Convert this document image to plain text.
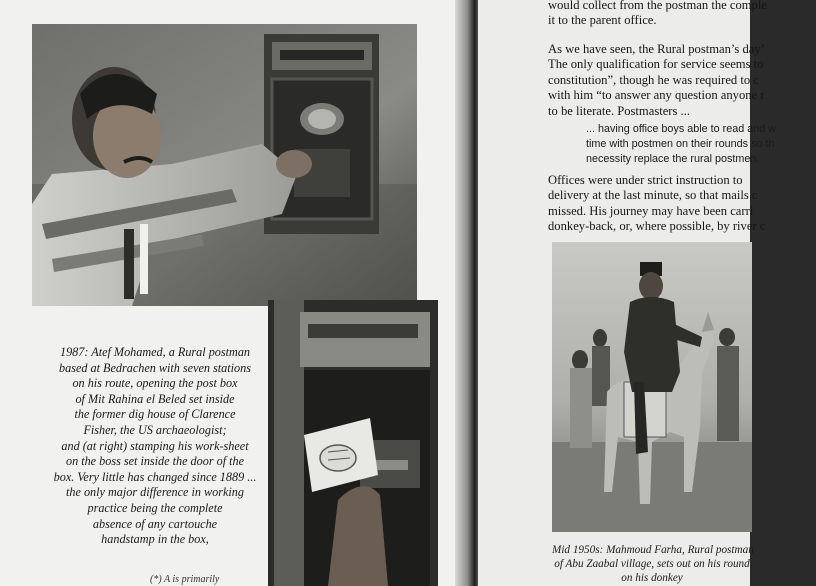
1987: Atef Mohamed, a Rural postman
based at Bedrachen with seven stations
on his route, opening the post box
of Mit Rahina el Beled set inside
the former dig house of Clarence
Fisher, the US archaeologist;
and (at right) stamping his work-sheet
on the boss set inside the door of the
box. Very little has changed since 1889 ...
the only major difference in working
practice being the complete
absence of any cartouche
handstamp in the box,
(*) A is primarily
would collect from the postman the comple
it to the parent office.
As we have seen, the Rural postman’s day’
The only qualification for service seems to
constitution”, though he was required to c
with him “to answer any question anyone r
to be literate. Postmasters ...
... having office boys able to read and w
time with postmen on their rounds so th
necessity replace the rural postmen.
Offices were under strict instruction to
delivery at the last minute, so that mails c
missed. His journey may have been carri
donkey-back, or, where possible, by river c
Mid 1950s: Mahmoud Farha, Rural postman
of Abu Zaabal village, sets out on his round
on his donkey
